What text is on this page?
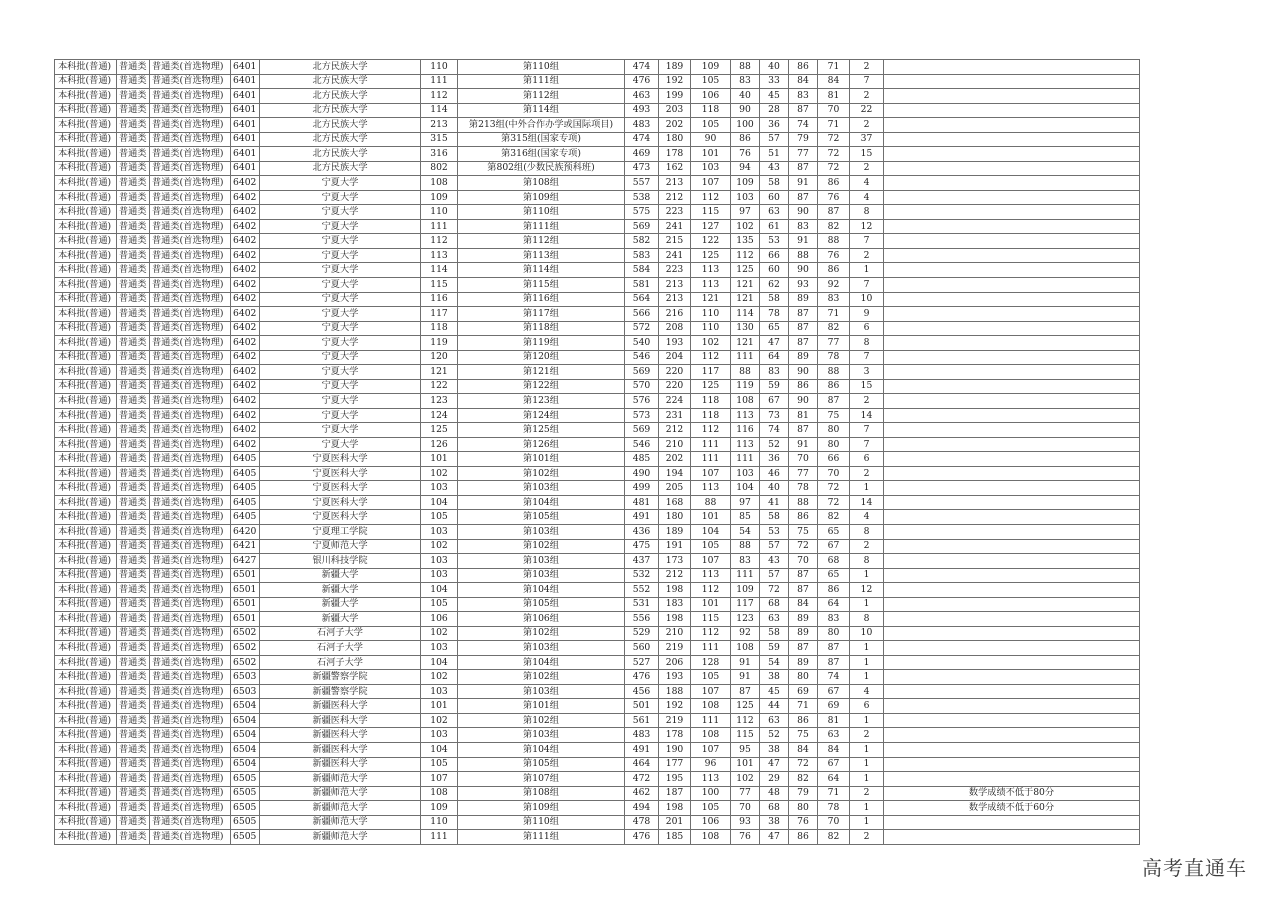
本科批(普通)	普通类	普通类(首选物理)	6401	北方民族大学	110	第110组	474	189	109	88	40	86	71	2	
本科批(普通)	普通类	普通类(首选物理)	6401	北方民族大学	111	第111组	476	192	105	83	33	84	84	7	
本科批(普通)	普通类	普通类(首选物理)	6401	北方民族大学	112	第112组	463	199	106	40	45	83	81	2	
本科批(普通)	普通类	普通类(首选物理)	6401	北方民族大学	114	第114组	493	203	118	90	28	87	70	22	
本科批(普通)	普通类	普通类(首选物理)	6401	北方民族大学	213	第213组(中外合作办学或国际项目)	483	202	105	100	36	74	71	2	
本科批(普通)	普通类	普通类(首选物理)	6401	北方民族大学	315	第315组(国家专项)	474	180	90	86	57	79	72	37	
本科批(普通)	普通类	普通类(首选物理)	6401	北方民族大学	316	第316组(国家专项)	469	178	101	76	51	77	72	15	
本科批(普通)	普通类	普通类(首选物理)	6401	北方民族大学	802	第802组(少数民族预科班)	473	162	103	94	43	87	72	2	
本科批(普通)	普通类	普通类(首选物理)	6402	宁夏大学	108	第108组	557	213	107	109	58	91	86	4	
本科批(普通)	普通类	普通类(首选物理)	6402	宁夏大学	109	第109组	538	212	112	103	60	87	76	4	
本科批(普通)	普通类	普通类(首选物理)	6402	宁夏大学	110	第110组	575	223	115	97	63	90	87	8	
本科批(普通)	普通类	普通类(首选物理)	6402	宁夏大学	111	第111组	569	241	127	102	61	83	82	12	
本科批(普通)	普通类	普通类(首选物理)	6402	宁夏大学	112	第112组	582	215	122	135	53	91	88	7	
本科批(普通)	普通类	普通类(首选物理)	6402	宁夏大学	113	第113组	583	241	125	112	66	88	76	2	
本科批(普通)	普通类	普通类(首选物理)	6402	宁夏大学	114	第114组	584	223	113	125	60	90	86	1	
本科批(普通)	普通类	普通类(首选物理)	6402	宁夏大学	115	第115组	581	213	113	121	62	93	92	7	
本科批(普通)	普通类	普通类(首选物理)	6402	宁夏大学	116	第116组	564	213	121	121	58	89	83	10	
本科批(普通)	普通类	普通类(首选物理)	6402	宁夏大学	117	第117组	566	216	110	114	78	87	71	9	
本科批(普通)	普通类	普通类(首选物理)	6402	宁夏大学	118	第118组	572	208	110	130	65	87	82	6	
本科批(普通)	普通类	普通类(首选物理)	6402	宁夏大学	119	第119组	540	193	102	121	47	87	77	8	
本科批(普通)	普通类	普通类(首选物理)	6402	宁夏大学	120	第120组	546	204	112	111	64	89	78	7	
本科批(普通)	普通类	普通类(首选物理)	6402	宁夏大学	121	第121组	569	220	117	88	83	90	88	3	
本科批(普通)	普通类	普通类(首选物理)	6402	宁夏大学	122	第122组	570	220	125	119	59	86	86	15	
本科批(普通)	普通类	普通类(首选物理)	6402	宁夏大学	123	第123组	576	224	118	108	67	90	87	2	
本科批(普通)	普通类	普通类(首选物理)	6402	宁夏大学	124	第124组	573	231	118	113	73	81	75	14	
本科批(普通)	普通类	普通类(首选物理)	6402	宁夏大学	125	第125组	569	212	112	116	74	87	80	7	
本科批(普通)	普通类	普通类(首选物理)	6402	宁夏大学	126	第126组	546	210	111	113	52	91	80	7	
本科批(普通)	普通类	普通类(首选物理)	6405	宁夏医科大学	101	第101组	485	202	111	111	36	70	66	6	
本科批(普通)	普通类	普通类(首选物理)	6405	宁夏医科大学	102	第102组	490	194	107	103	46	77	70	2	
本科批(普通)	普通类	普通类(首选物理)	6405	宁夏医科大学	103	第103组	499	205	113	104	40	78	72	1	
本科批(普通)	普通类	普通类(首选物理)	6405	宁夏医科大学	104	第104组	481	168	88	97	41	88	72	14	
本科批(普通)	普通类	普通类(首选物理)	6405	宁夏医科大学	105	第105组	491	180	101	85	58	86	82	4	
本科批(普通)	普通类	普通类(首选物理)	6420	宁夏理工学院	103	第103组	436	189	104	54	53	75	65	8	
本科批(普通)	普通类	普通类(首选物理)	6421	宁夏师范大学	102	第102组	475	191	105	88	57	72	67	2	
本科批(普通)	普通类	普通类(首选物理)	6427	银川科技学院	103	第103组	437	173	107	83	43	70	68	8	
本科批(普通)	普通类	普通类(首选物理)	6501	新疆大学	103	第103组	532	212	113	111	57	87	65	1	
本科批(普通)	普通类	普通类(首选物理)	6501	新疆大学	104	第104组	552	198	112	109	72	87	86	12	
本科批(普通)	普通类	普通类(首选物理)	6501	新疆大学	105	第105组	531	183	101	117	68	84	64	1	
本科批(普通)	普通类	普通类(首选物理)	6501	新疆大学	106	第106组	556	198	115	123	63	89	83	8	
本科批(普通)	普通类	普通类(首选物理)	6502	石河子大学	102	第102组	529	210	112	92	58	89	80	10	
本科批(普通)	普通类	普通类(首选物理)	6502	石河子大学	103	第103组	560	219	111	108	59	87	87	1	
本科批(普通)	普通类	普通类(首选物理)	6502	石河子大学	104	第104组	527	206	128	91	54	89	87	1	
本科批(普通)	普通类	普通类(首选物理)	6503	新疆警察学院	102	第102组	476	193	105	91	38	80	74	1	
本科批(普通)	普通类	普通类(首选物理)	6503	新疆警察学院	103	第103组	456	188	107	87	45	69	67	4	
本科批(普通)	普通类	普通类(首选物理)	6504	新疆医科大学	101	第101组	501	192	108	125	44	71	69	6	
本科批(普通)	普通类	普通类(首选物理)	6504	新疆医科大学	102	第102组	561	219	111	112	63	86	81	1	
本科批(普通)	普通类	普通类(首选物理)	6504	新疆医科大学	103	第103组	483	178	108	115	52	75	63	2	
本科批(普通)	普通类	普通类(首选物理)	6504	新疆医科大学	104	第104组	491	190	107	95	38	84	84	1	
本科批(普通)	普通类	普通类(首选物理)	6504	新疆医科大学	105	第105组	464	177	96	101	47	72	67	1	
本科批(普通)	普通类	普通类(首选物理)	6505	新疆师范大学	107	第107组	472	195	113	102	29	82	64	1	
本科批(普通)	普通类	普通类(首选物理)	6505	新疆师范大学	108	第108组	462	187	100	77	48	79	71	2	数学成绩不低于80分
本科批(普通)	普通类	普通类(首选物理)	6505	新疆师范大学	109	第109组	494	198	105	70	68	80	78	1	数学成绩不低于60分
本科批(普通)	普通类	普通类(首选物理)	6505	新疆师范大学	110	第110组	478	201	106	93	38	76	70	1	
本科批(普通)	普通类	普通类(首选物理)	6505	新疆师范大学	111	第111组	476	185	108	76	47	86	82	2	
高考直通车
